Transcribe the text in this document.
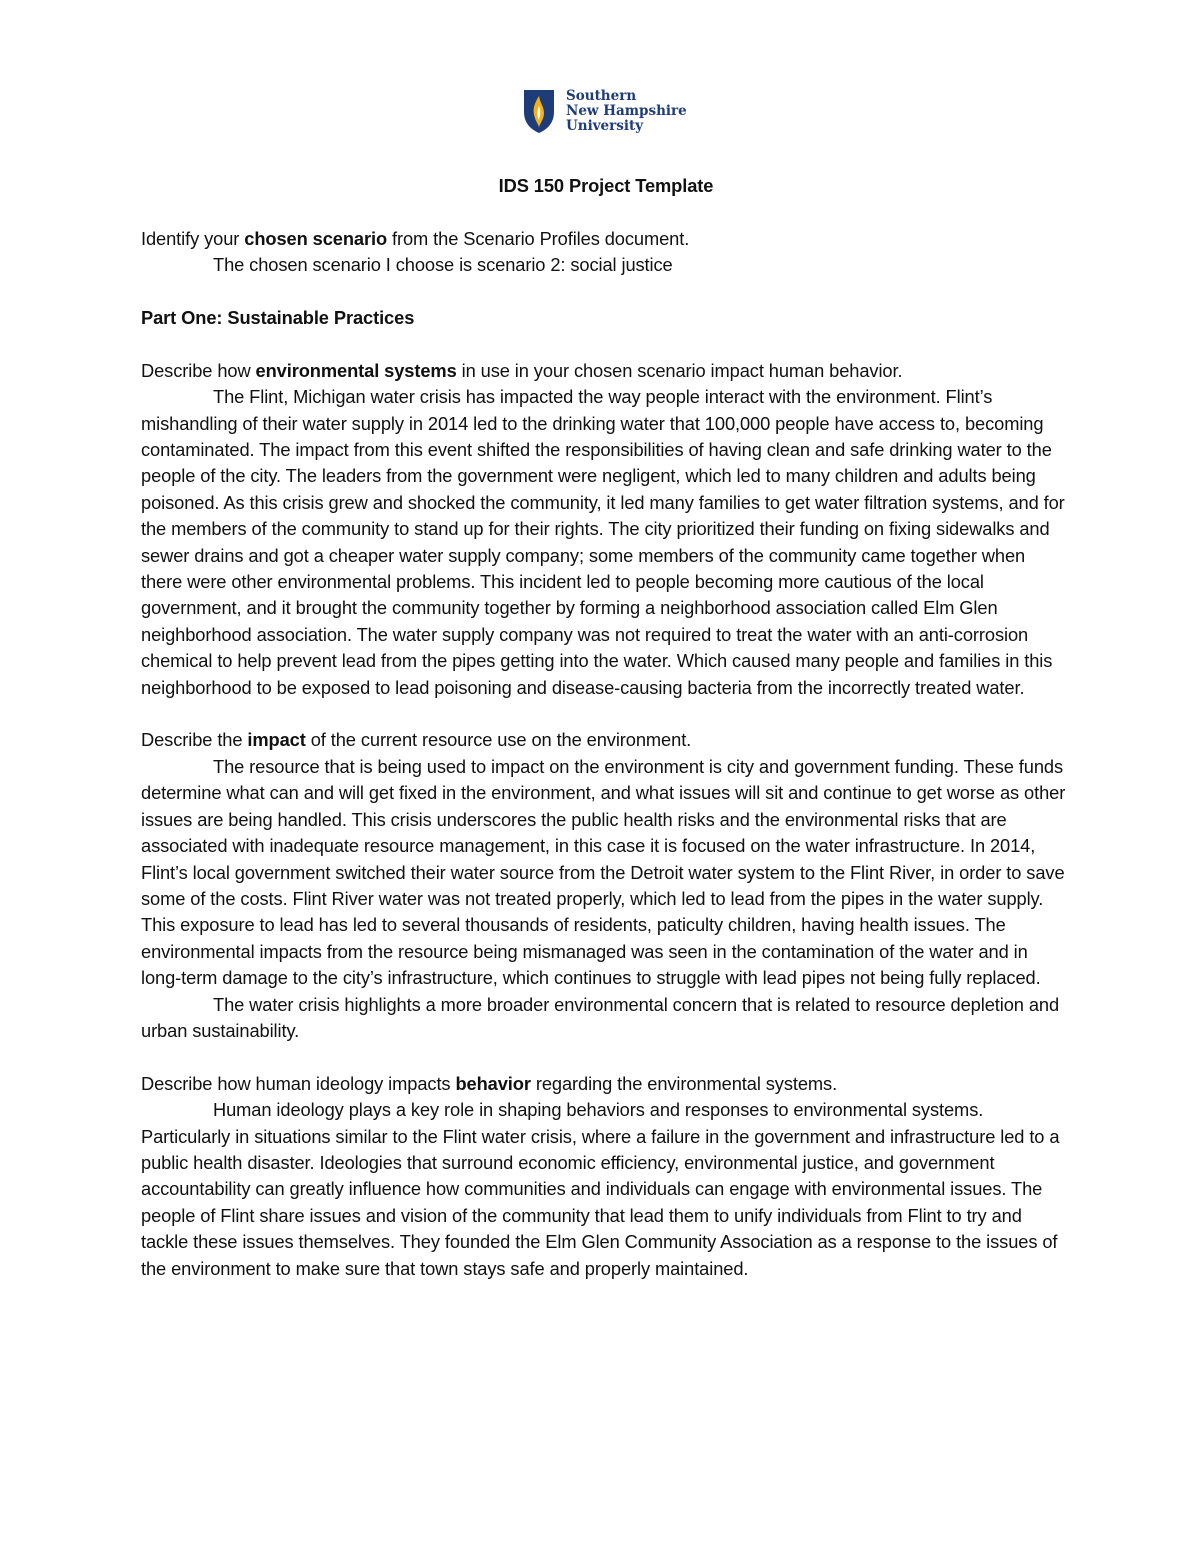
Southern
New Hampshire
University

IDS 150 Project Template

Identify your chosen scenario from the Scenario Profiles document.

The chosen scenario I choose is scenario 2: social justice

Part One: Sustainable Practices

Describe how environmental systems in use in your chosen scenario impact human behavior.

The Flint, Michigan water crisis has impacted the way people interact with the environment. Flint’s mishandling of their water supply in 2014 led to the drinking water that 100,000 people have access to, becoming contaminated. The impact from this event shifted the responsibilities of having clean and safe drinking water to the people of the city. The leaders from the government were negligent, which led to many children and adults being poisoned. As this crisis grew and shocked the community, it led many families to get water filtration systems, and for the members of the community to stand up for their rights. The city prioritized their funding on fixing sidewalks and sewer drains and got a cheaper water supply company; some members of the community came together when there were other environmental problems. This incident led to people becoming more cautious of the local government, and it brought the community together by forming a neighborhood association called Elm Glen neighborhood association. The water supply company was not required to treat the water with an anti-corrosion chemical to help prevent lead from the pipes getting into the water. Which caused many people and families in this neighborhood to be exposed to lead poisoning and disease-causing bacteria from the incorrectly treated water.

Describe the impact of the current resource use on the environment.

The resource that is being used to impact on the environment is city and government funding. These funds determine what can and will get fixed in the environment, and what issues will sit and continue to get worse as other issues are being handled. This crisis underscores the public health risks and the environmental risks that are associated with inadequate resource management, in this case it is focused on the water infrastructure. In 2014, Flint’s local government switched their water source from the Detroit water system to the Flint River, in order to save some of the costs. Flint River water was not treated properly, which led to lead from the pipes in the water supply. This exposure to lead has led to several thousands of residents, paticulty children, having health issues. The environmental impacts from the resource being mismanaged was seen in the contamination of the water and in long-term damage to the city’s infrastructure, which continues to struggle with lead pipes not being fully replaced.

The water crisis highlights a more broader environmental concern that is related to resource depletion and urban sustainability.

Describe how human ideology impacts behavior regarding the environmental systems.

Human ideology plays a key role in shaping behaviors and responses to environmental systems. Particularly in situations similar to the Flint water crisis, where a failure in the government and infrastructure led to a public health disaster. Ideologies that surround economic efficiency, environmental justice, and government accountability can greatly influence how communities and individuals can engage with environmental issues. The people of Flint share issues and vision of the community that lead them to unify individuals from Flint to try and tackle these issues themselves. They founded the Elm Glen Community Association as a response to the issues of the environment to make sure that town stays safe and properly maintained.
